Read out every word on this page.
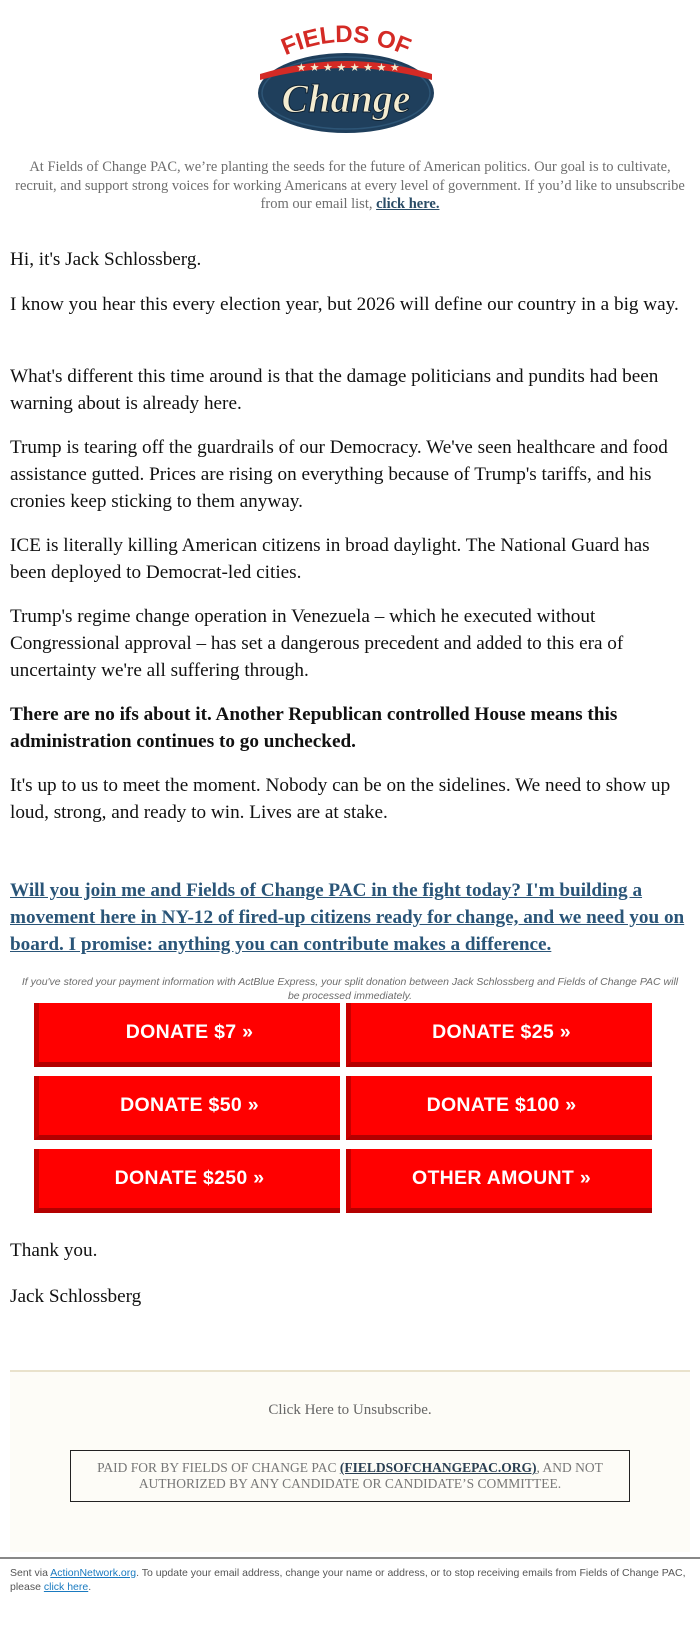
FIELDS OF
★ ★ ★ ★ ★ ★ ★ ★
Change
At Fields of Change PAC, we’re planting the seeds for the future of American politics. Our goal is to cultivate, recruit, and support strong voices for working Americans at every level of government. If you’d like to unsubscribe from our email list, click here.

Hi, it's Jack Schlossberg.

I know you hear this every election year, but 2026 will define our country in a big way.

What's different this time around is that the damage politicians and pundits had been warning about is already here.

Trump is tearing off the guardrails of our Democracy. We've seen healthcare and food assistance gutted. Prices are rising on everything because of Trump's tariffs, and his cronies keep sticking to them anyway.

ICE is literally killing American citizens in broad daylight. The National Guard has been deployed to Democrat-led cities.

Trump's regime change operation in Venezuela – which he executed without Congressional approval – has set a dangerous precedent and added to this era of uncertainty we're all suffering through.

There are no ifs about it. Another Republican controlled House means this administration continues to go unchecked.

It's up to us to meet the moment. Nobody can be on the sidelines. We need to show up loud, strong, and ready to win. Lives are at stake.

Will you join me and Fields of Change PAC in the fight today? I'm building a movement here in NY-12 of fired-up citizens ready for change, and we need you on board. I promise: anything you can contribute makes a difference.

If you've stored your payment information with ActBlue Express, your split donation between Jack Schlossberg and Fields of Change PAC will be processed immediately.

DONATE $7 »	DONATE $25 »
DONATE $50 »	DONATE $100 »
DONATE $250 »	OTHER AMOUNT »

Thank you.

Jack Schlossberg

Click Here to Unsubscribe.
PAID FOR BY FIELDS OF CHANGE PAC (FIELDSOFCHANGEPAC.ORG), AND NOT AUTHORIZED BY ANY CANDIDATE OR CANDIDATE’S COMMITTEE.
Sent via ActionNetwork.org. To update your email address, change your name or address, or to stop receiving emails from Fields of Change PAC, please click here.
